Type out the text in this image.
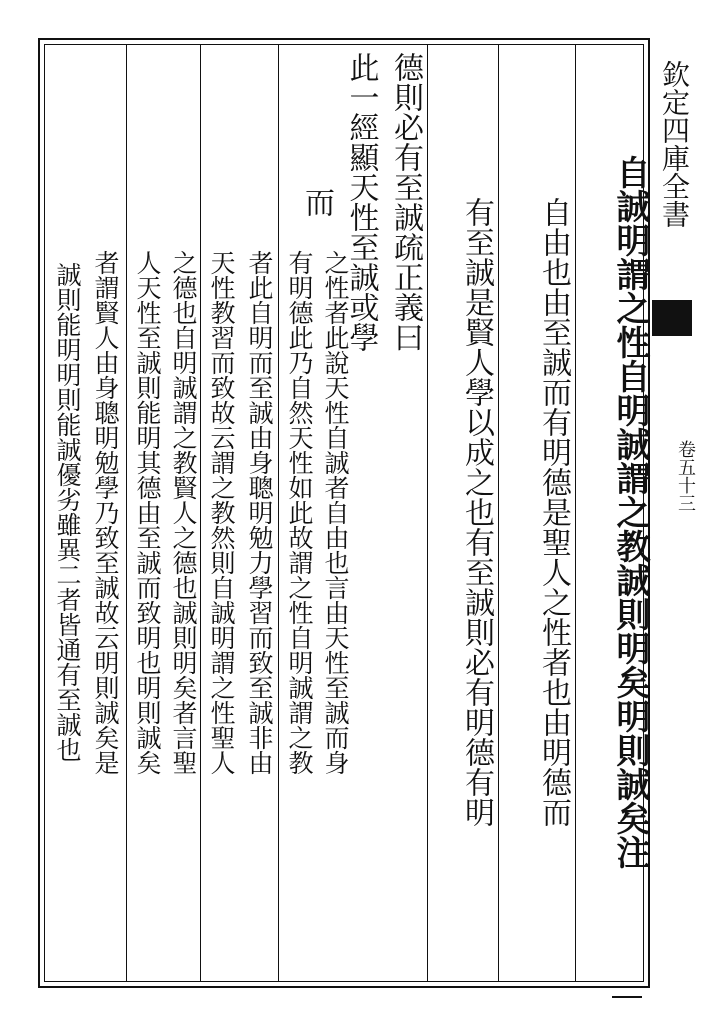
欽定四庫全書
卷五十三
自誠明謂之性自明誠謂之教誠則明矣明則誠矣注
自由也由至誠而有明德是聖人之性者也由明德而
有至誠是賢人學以成之也有至誠則必有明德有明
德則必有至誠疏正義曰此一經顯天性至誠或學而
之性者此說天性自誠者自由也言由天性至誠而身
有明德此乃自然天性如此故謂之性自明誠謂之教
者此自明而至誠由身聰明勉力學習而致至誠非由
天性教習而致故云謂之教然則自誠明謂之性聖人
之德也自明誠謂之教賢人之德也誠則明矣者言聖
人天性至誠則能明其德由至誠而致明也明則誠矣
者謂賢人由身聰明勉學乃致至誠故云明則誠矣是
誠則能明明則能誠優劣雖異二者皆通有至誠也
